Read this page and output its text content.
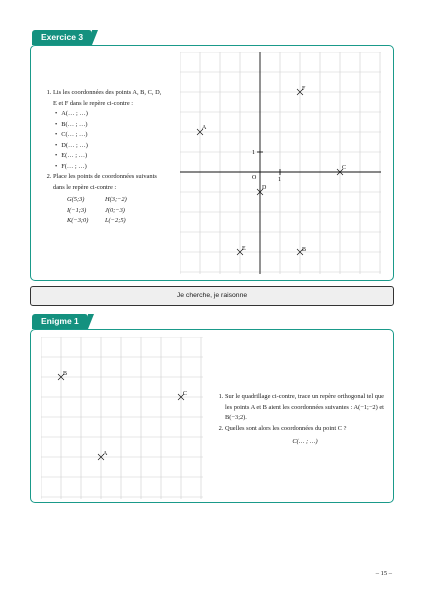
Exercice 3
1. Lis les coordonnées des points A, B, C, D, E et F dans le repère ci-contre :
• A(… ; …)
• B(… ; …)
• C(… ; …)
• D(… ; …)
• E(… ; …)
• F(… ; …)
2. Place les points de coordonnées suivants dans le repère ci-contre :
G(5;3)	H(3;−2)
I(−1;3)	J(0;−3)
K(−3;0)	L(−2;5)
O	1
1
A
B
C
D
E
F
Je cherche, je raisonne
Enigme 1
B
C
A
1. Sur le quadrillage ci-contre, trace un repère orthogonal tel que les points A et B aient les coordonnées suivantes : A(−1;−2) et B(−3;2).
2. Quelles sont alors les coordonnées du point C ?
C(… ; …)
– 15 –
